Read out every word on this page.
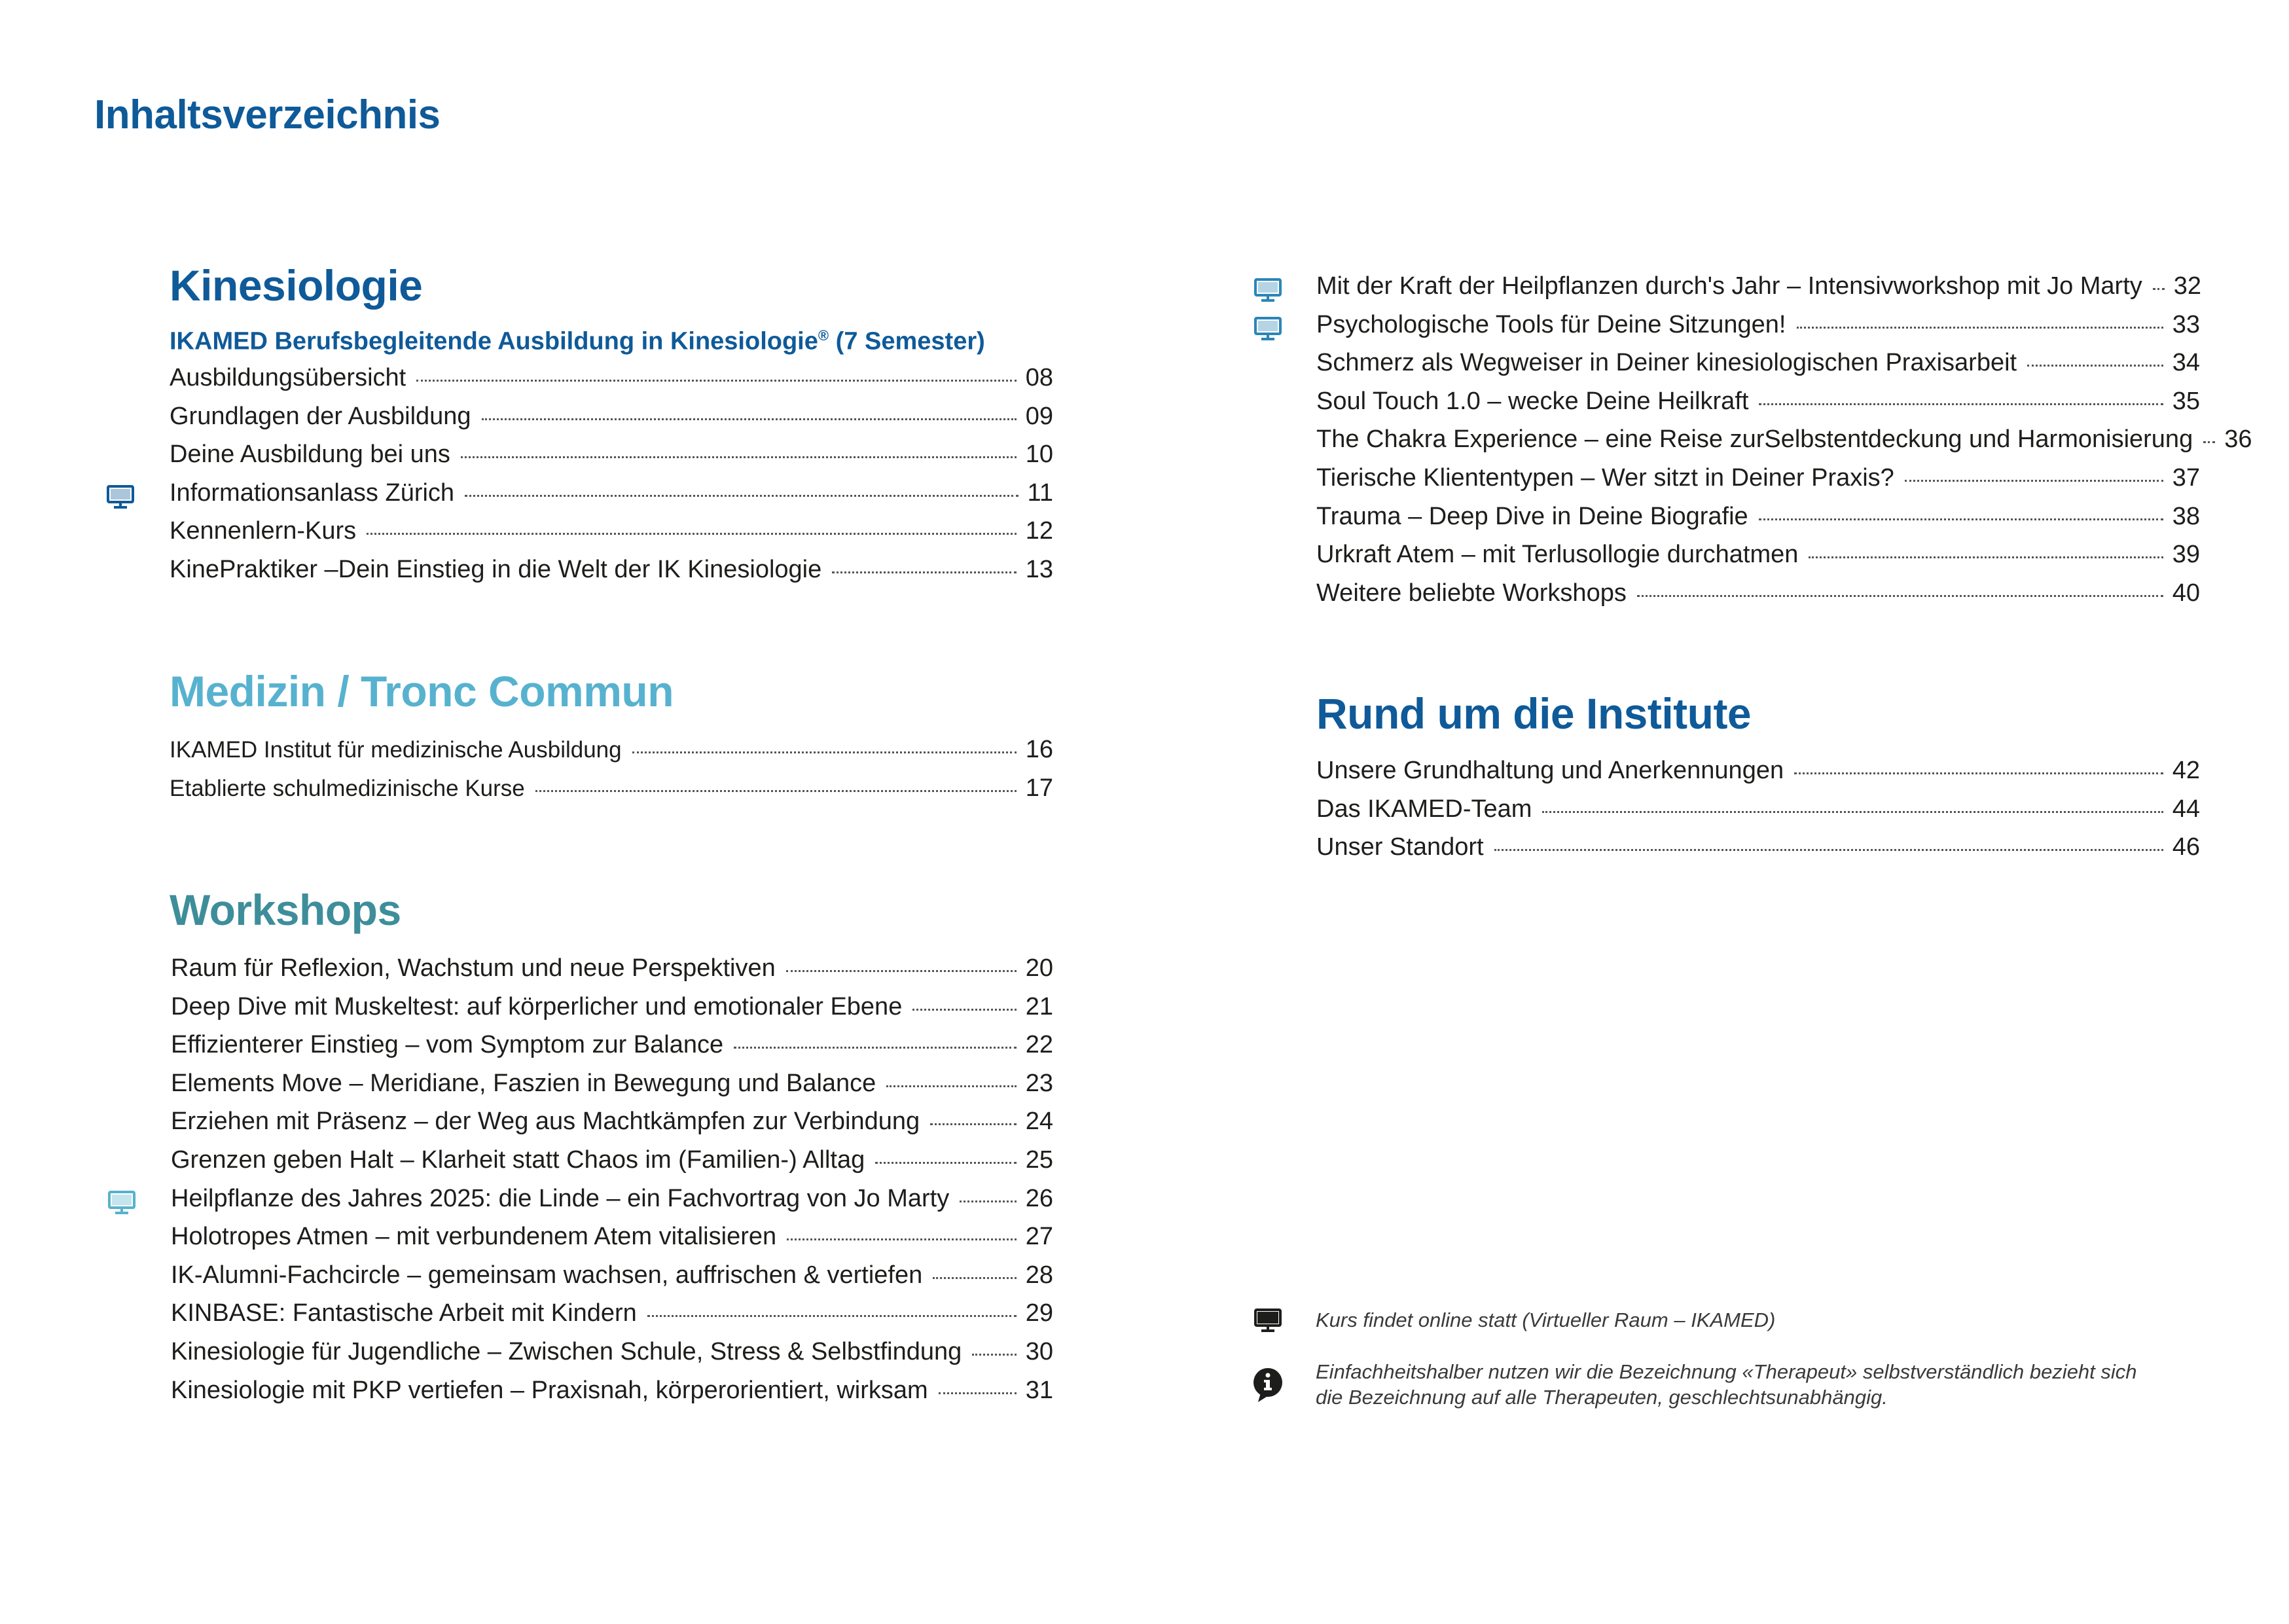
Inhaltsverzeichnis
Kinesiologie
IKAMED Berufsbegleitende Ausbildung in Kinesiologie® (7 Semester)
Ausbildungsübersicht	08
Grundlagen der Ausbildung	09
Deine Ausbildung bei uns	10
Informationsanlass Zürich	11
Kennenlern-Kurs	12
KinePraktiker –Dein Einstieg in die Welt der IK Kinesiologie	13
Medizin / Tronc Commun
IKAMED Institut für medizinische Ausbildung	16
Etablierte schulmedizinische Kurse	17
Workshops
Raum für Reflexion, Wachstum und neue Perspektiven	20
Deep Dive mit Muskeltest: auf körperlicher und emotionaler Ebene	21
Effizienterer Einstieg – vom Symptom zur Balance	22
Elements Move – Meridiane, Faszien in Bewegung und Balance	23
Erziehen mit Präsenz – der Weg aus Machtkämpfen zur Verbindung	24
Grenzen geben Halt – Klarheit statt Chaos im (Familien-) Alltag	25
Heilpflanze des Jahres 2025: die Linde – ein Fachvortrag von Jo Marty	26
Holotropes Atmen – mit verbundenem Atem vitalisieren	27
IK-Alumni-Fachcircle – gemeinsam wachsen, auffrischen & vertiefen	28
KINBASE: Fantastische Arbeit mit Kindern	29
Kinesiologie für Jugendliche – Zwischen Schule, Stress & Selbstfindung	30
Kinesiologie mit PKP vertiefen – Praxisnah, körperorientiert, wirksam	31
Mit der Kraft der Heilpflanzen durch's Jahr – Intensivworkshop mit Jo Marty 32
Psychologische Tools für Deine Sitzungen!	33
Schmerz als Wegweiser in Deiner kinesiologischen Praxisarbeit	34
Soul Touch 1.0 – wecke Deine Heilkraft	35
The Chakra Experience – eine Reise zurSelbstentdeckung und Harmonisierung 36
Tierische Kliententypen – Wer sitzt in Deiner Praxis?	37
Trauma – Deep Dive in Deine Biografie	38
Urkraft Atem – mit Terlusollogie durchatmen	39
Weitere beliebte Workshops	40
Rund um die Institute
Unsere Grundhaltung und Anerkennungen	42
Das IKAMED-Team	44
Unser Standort	46
Kurs findet online statt (Virtueller Raum – IKAMED)
Einfachheitshalber nutzen wir die Bezeichnung «Therapeut» selbstverständlich bezieht sich
die Bezeichnung auf alle Therapeuten, geschlechtsunabhängig.
